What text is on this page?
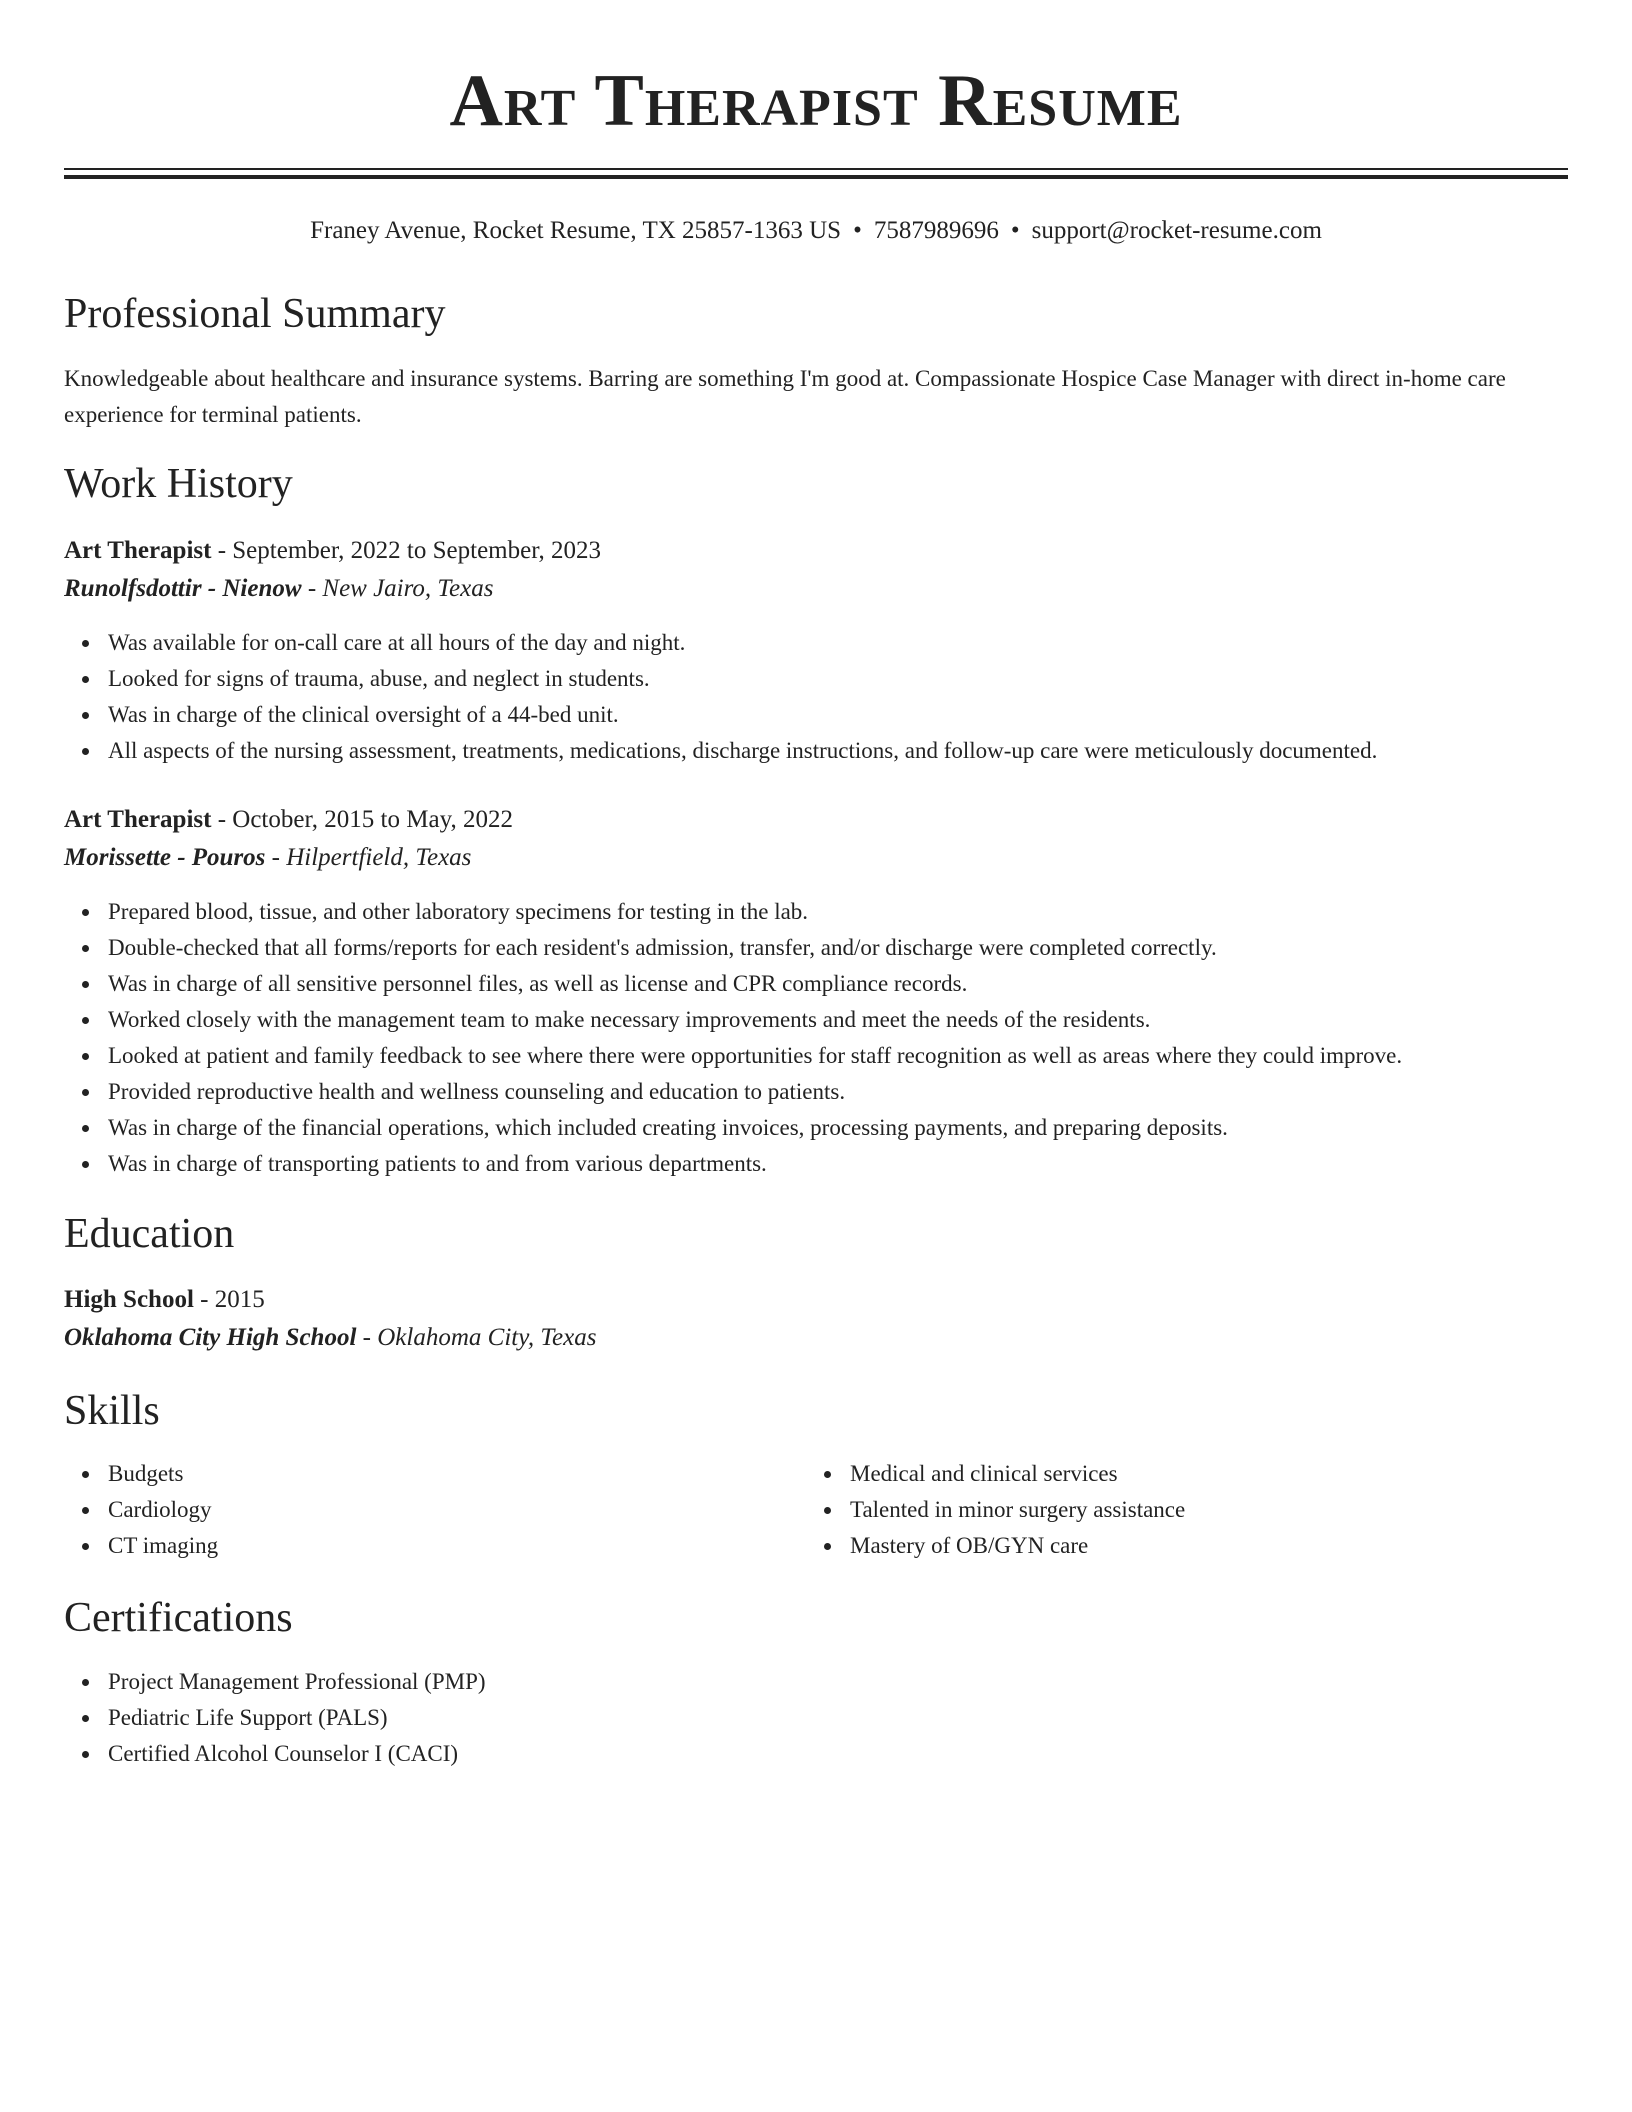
Art Therapist Resume
Franey Avenue, Rocket Resume, TX 25857-1363 US • 7587989696 • support@rocket-resume.com
Professional Summary

Knowledgeable about healthcare and insurance systems. Barring are something I'm good at. Compassionate Hospice Case Manager with direct in-home care experience for terminal patients.

Work History
Art Therapist - September, 2022 to September, 2023
Runolfsdottir - Nienow - New Jairo, Texas
Was available for on-call care at all hours of the day and night.
Looked for signs of trauma, abuse, and neglect in students.
Was in charge of the clinical oversight of a 44-bed unit.
All aspects of the nursing assessment, treatments, medications, discharge instructions, and follow-up care were meticulously documented.
Art Therapist - October, 2015 to May, 2022
Morissette - Pouros - Hilpertfield, Texas
Prepared blood, tissue, and other laboratory specimens for testing in the lab.
Double-checked that all forms/reports for each resident's admission, transfer, and/or discharge were completed correctly.
Was in charge of all sensitive personnel files, as well as license and CPR compliance records.
Worked closely with the management team to make necessary improvements and meet the needs of the residents.
Looked at patient and family feedback to see where there were opportunities for staff recognition as well as areas where they could improve.
Provided reproductive health and wellness counseling and education to patients.
Was in charge of the financial operations, which included creating invoices, processing payments, and preparing deposits.
Was in charge of transporting patients to and from various departments.
Education
High School - 2015
Oklahoma City High School - Oklahoma City, Texas
Skills
Budgets
Cardiology
CT imaging
Medical and clinical services
Talented in minor surgery assistance
Mastery of OB/GYN care
Certifications
Project Management Professional (PMP)
Pediatric Life Support (PALS)
Certified Alcohol Counselor I (CACI)
